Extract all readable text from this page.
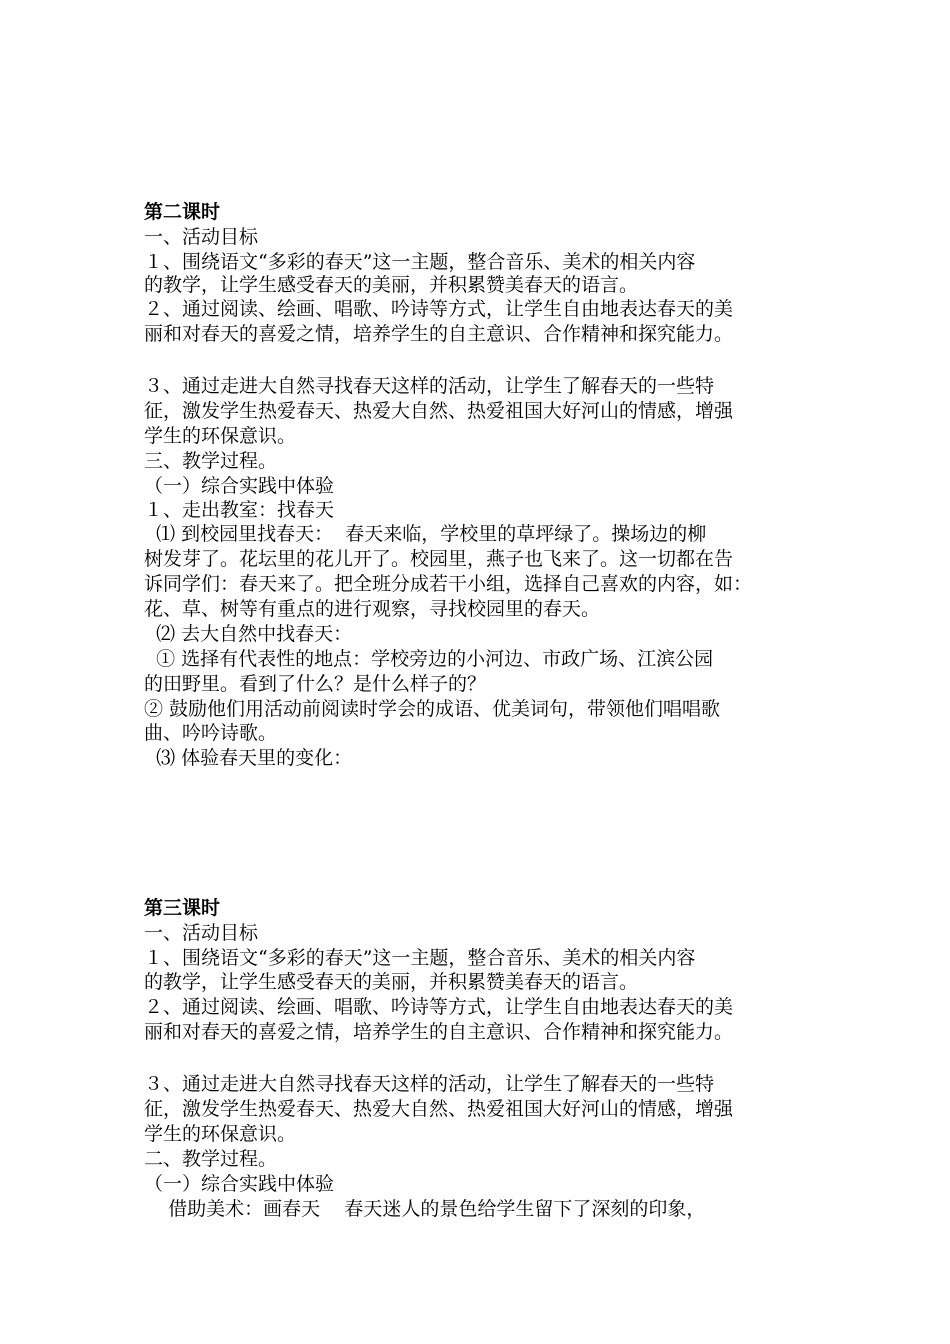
第二课时
一、活动目标
１、围绕语文“多彩的春天”这一主题，整合音乐、美术的相关内容
的教学，让学生感受春天的美丽，并积累赞美春天的语言。
２、通过阅读、绘画、唱歌、吟诗等方式，让学生自由地表达春天的美
丽和对春天的喜爱之情，培养学生的自主意识、合作精神和探究能力。
３、通过走进大自然寻找春天这样的活动，让学生了解春天的一些特
征，激发学生热爱春天、热爱大自然、热爱祖国大好河山的情感，增强
学生的环保意识。
三、教学过程。
（一）综合实践中体验
１、走出教室：找春天
⑴ 到校园里找春天：  春天来临，学校里的草坪绿了。操场边的柳
树发芽了。花坛里的花儿开了。校园里，燕子也飞来了。这一切都在告
诉同学们：春天来了。把全班分成若干小组，选择自己喜欢的内容，如：
花、草、树等有重点的进行观察，寻找校园里的春天。
⑵ 去大自然中找春天：
① 选择有代表性的地点：学校旁边的小河边、市政广场、江滨公园
的田野里。看到了什么？是什么样子的？
② 鼓励他们用活动前阅读时学会的成语、优美词句，带领他们唱唱歌
曲、吟吟诗歌。
⑶ 体验春天里的变化：
第三课时
一、活动目标
１、围绕语文“多彩的春天”这一主题，整合音乐、美术的相关内容
的教学，让学生感受春天的美丽，并积累赞美春天的语言。
２、通过阅读、绘画、唱歌、吟诗等方式，让学生自由地表达春天的美
丽和对春天的喜爱之情，培养学生的自主意识、合作精神和探究能力。
３、通过走进大自然寻找春天这样的活动，让学生了解春天的一些特
征，激发学生热爱春天、热爱大自然、热爱祖国大好河山的情感，增强
学生的环保意识。
二、教学过程。
（一）综合实践中体验
借助美术：画春天    春天迷人的景色给学生留下了深刻的印象，
